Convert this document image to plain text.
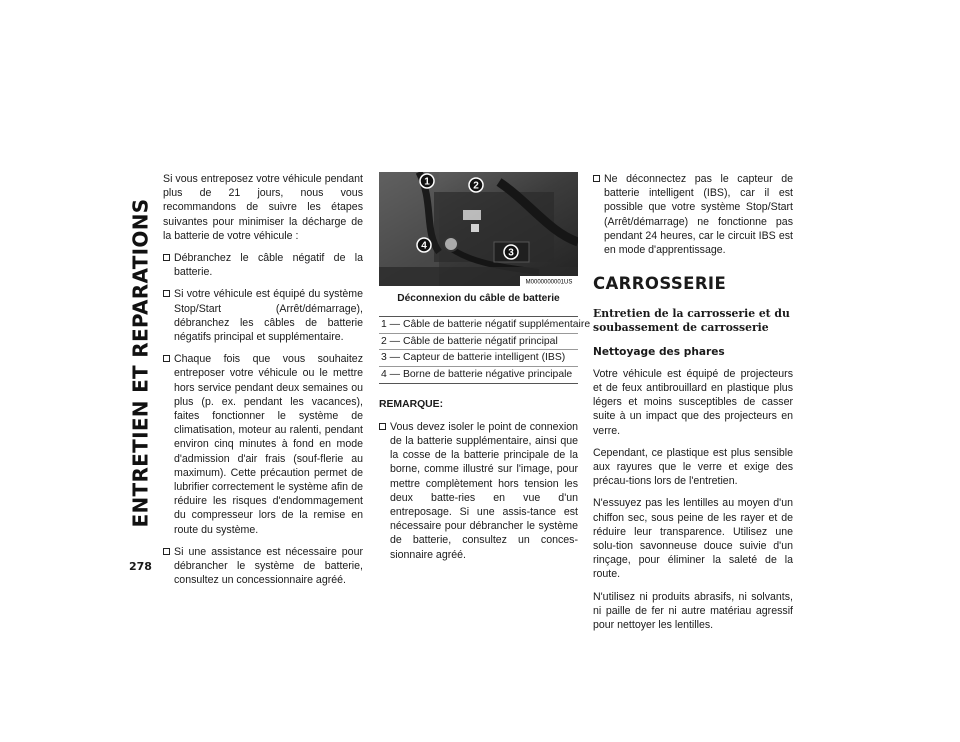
ENTRETIEN ET REPARATIONS
278

Si vous entreposez votre véhicule pendant plus de 21 jours, nous vous recommandons de suivre les étapes suivantes pour minimiser la décharge de la batterie de votre véhicule :

Débranchez le câble négatif de la batterie.
Si votre véhicule est équipé du système Stop/Start (Arrêt/démarrage), débranchez les câbles de batterie négatifs principal et supplémentaire.
Chaque fois que vous souhaitez entreposer votre véhicule ou le mettre hors service pendant deux semaines ou plus (p. ex. pendant les vacances), faites fonctionner le système de climatisation, moteur au ralenti, pendant environ cinq minutes à fond en mode d'admission d'air frais (souf-flerie au maximum). Cette précaution permet de lubrifier correctement le système afin de réduire les risques d'endommagement du compresseur lors de la remise en route du système.
Si une assistance est nécessaire pour débrancher le système de batterie, consultez un concessionnaire agréé.
1	2
3
4
M0000000001US
Déconnexion du câble de batterie
1 — Câble de batterie négatif supplémentaire
2 — Câble de batterie négatif principal
3 — Capteur de batterie intelligent (IBS)
4 — Borne de batterie négative principale
REMARQUE:
Vous devez isoler le point de connexion de la batterie supplémentaire, ainsi que la cosse de la batterie principale de la borne, comme illustré sur l'image, pour mettre complètement hors tension les deux batte-ries en vue d'un entreposage. Si une assis-tance est nécessaire pour débrancher le système de batterie, consultez un conces-sionnaire agréé.
Ne déconnectez pas le capteur de batterie intelligent (IBS), car il est possible que votre système Stop/Start (Arrêt/démarrage) ne fonctionne pas pendant 24 heures, car le circuit IBS est en mode d'apprentissage.
CARROSSERIE
Entretien de la carrosserie et du soubassement de carrosserie
Nettoyage des phares

Votre véhicule est équipé de projecteurs et de feux antibrouillard en plastique plus légers et moins susceptibles de casser suite à un impact que des projecteurs en verre.

Cependant, ce plastique est plus sensible aux rayures que le verre et exige des précau-tions lors de l'entretien.

N'essuyez pas les lentilles au moyen d'un chiffon sec, sous peine de les rayer et de réduire leur transparence. Utilisez une solu-tion savonneuse douce suivie d'un rinçage, pour éliminer la saleté de la route.

N'utilisez ni produits abrasifs, ni solvants, ni paille de fer ni autre matériau agressif pour nettoyer les lentilles.
